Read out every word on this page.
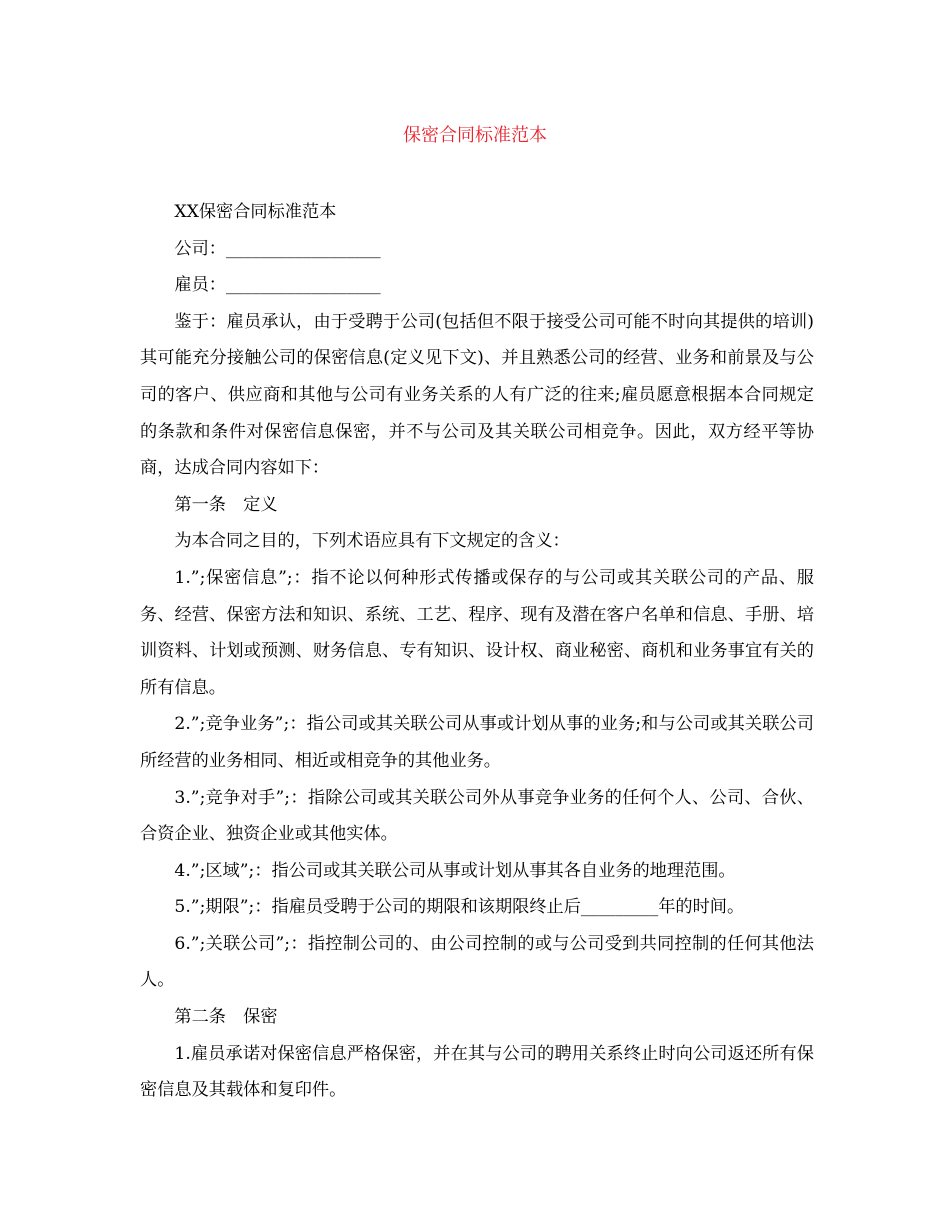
保密合同标准范本

XX保密合同标准范本

公司：__________________

雇员：__________________

鉴于：雇员承认，由于受聘于公司(包括但不限于接受公司可能不时向其提供的培训)其可能充分接触公司的保密信息(定义见下文)、并且熟悉公司的经营、业务和前景及与公司的客户、供应商和其他与公司有业务关系的人有广泛的往来;雇员愿意根据本合同规定的条款和条件对保密信息保密，并不与公司及其关联公司相竞争。因此，双方经平等协商，达成合同内容如下：

第一条　定义

为本合同之目的，下列术语应具有下文规定的含义：

1.”;保密信息”;：指不论以何种形式传播或保存的与公司或其关联公司的产品、服务、经营、保密方法和知识、系统、工艺、程序、现有及潜在客户名单和信息、手册、培训资料、计划或预测、财务信息、专有知识、设计权、商业秘密、商机和业务事宜有关的所有信息。

2.”;竞争业务”;：指公司或其关联公司从事或计划从事的业务;和与公司或其关联公司所经营的业务相同、相近或相竞争的其他业务。

3.”;竞争对手”;：指除公司或其关联公司外从事竞争业务的任何个人、公司、合伙、合资企业、独资企业或其他实体。

4.”;区域”;：指公司或其关联公司从事或计划从事其各自业务的地理范围。

5.”;期限”;：指雇员受聘于公司的期限和该期限终止后_________年的时间。

6.”;关联公司”;：指控制公司的、由公司控制的或与公司受到共同控制的任何其他法人。

第二条　保密

1.雇员承诺对保密信息严格保密，并在其与公司的聘用关系终止时向公司返还所有保密信息及其载体和复印件。
